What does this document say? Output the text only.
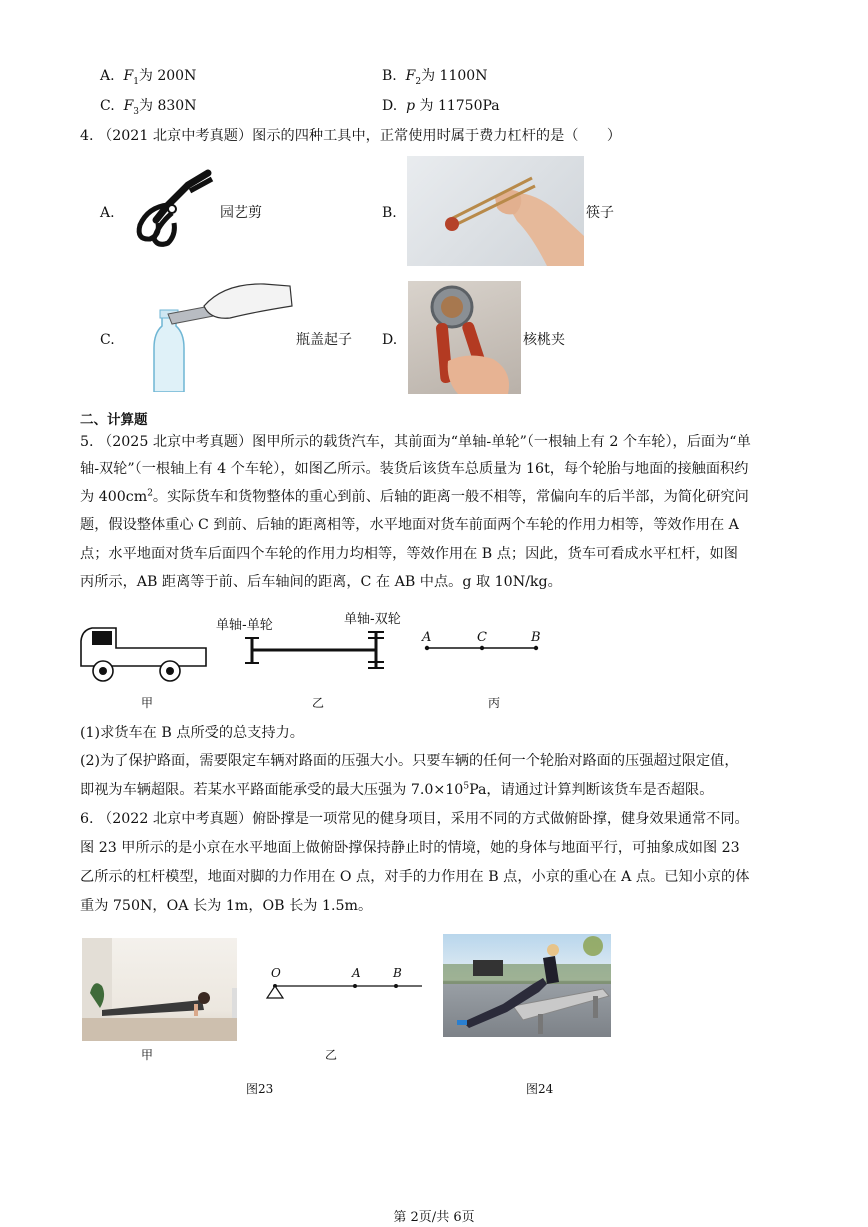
A. $F_1$为 200N	B. $F_2$为 1100N
C. $F_3$为 830N	D. p 为 11750Pa
4. （2021 北京中考真题）图示的四种工具中，正常使用时属于费力杠杆的是（　　）
A.	园艺剪	B.	筷子
C.	瓶盖起子 D.	核桃夹
二、计算题
5. （2025 北京中考真题）图甲所示的载货汽车，其前面为“单轴-单轮”（一根轴上有 2 个车轮），后面为“单
轴-双轮”（一根轴上有 4 个车轮），如图乙所示。装货后该货车总质量为 16t，每个轮胎与地面的接触面积约
为 $400cm^2$。实际货车和货物整体的重心到前、后轴的距离一般不相等，常偏向车的后半部，为简化研究问
题，假设整体重心 C 到前、后轴的距离相等，水平地面对货车前面两个车轮的作用力相等，等效作用在 A
点；水平地面对货车后面四个车轮的作用力均相等，等效作用在 B 点；因此，货车可看成水平杠杆，如图
丙所示，AB 距离等于前、后车轴间的距离，C 在 AB 中点。g 取 10N/kg。
单轴-单轮	单轴-双轮
A	C	B
甲	乙	丙
(1)求货车在 B 点所受的总支持力。
(2)为了保护路面，需要限定车辆对路面的压强大小。只要车辆的任何一个轮胎对路面的压强超过限定值，
即视为车辆超限。若某水平路面能承受的最大压强为 $7.0\times 10^5Pa$，请通过计算判断该货车是否超限。
6. （2022 北京中考真题）俯卧撑是一项常见的健身项目，采用不同的方式做俯卧撑，健身效果通常不同。
图 23 甲所示的是小京在水平地面上做俯卧撑保持静止时的情境，她的身体与地面平行，可抽象成如图 23
乙所示的杠杆模型，地面对脚的力作用在 O 点，对手的力作用在 B 点，小京的重心在 A 点。已知小京的体
重为 750N，OA 长为 1m，OB 长为 1.5m。
O	A	B
甲	乙
图23	图24
第 2页/共 6页
